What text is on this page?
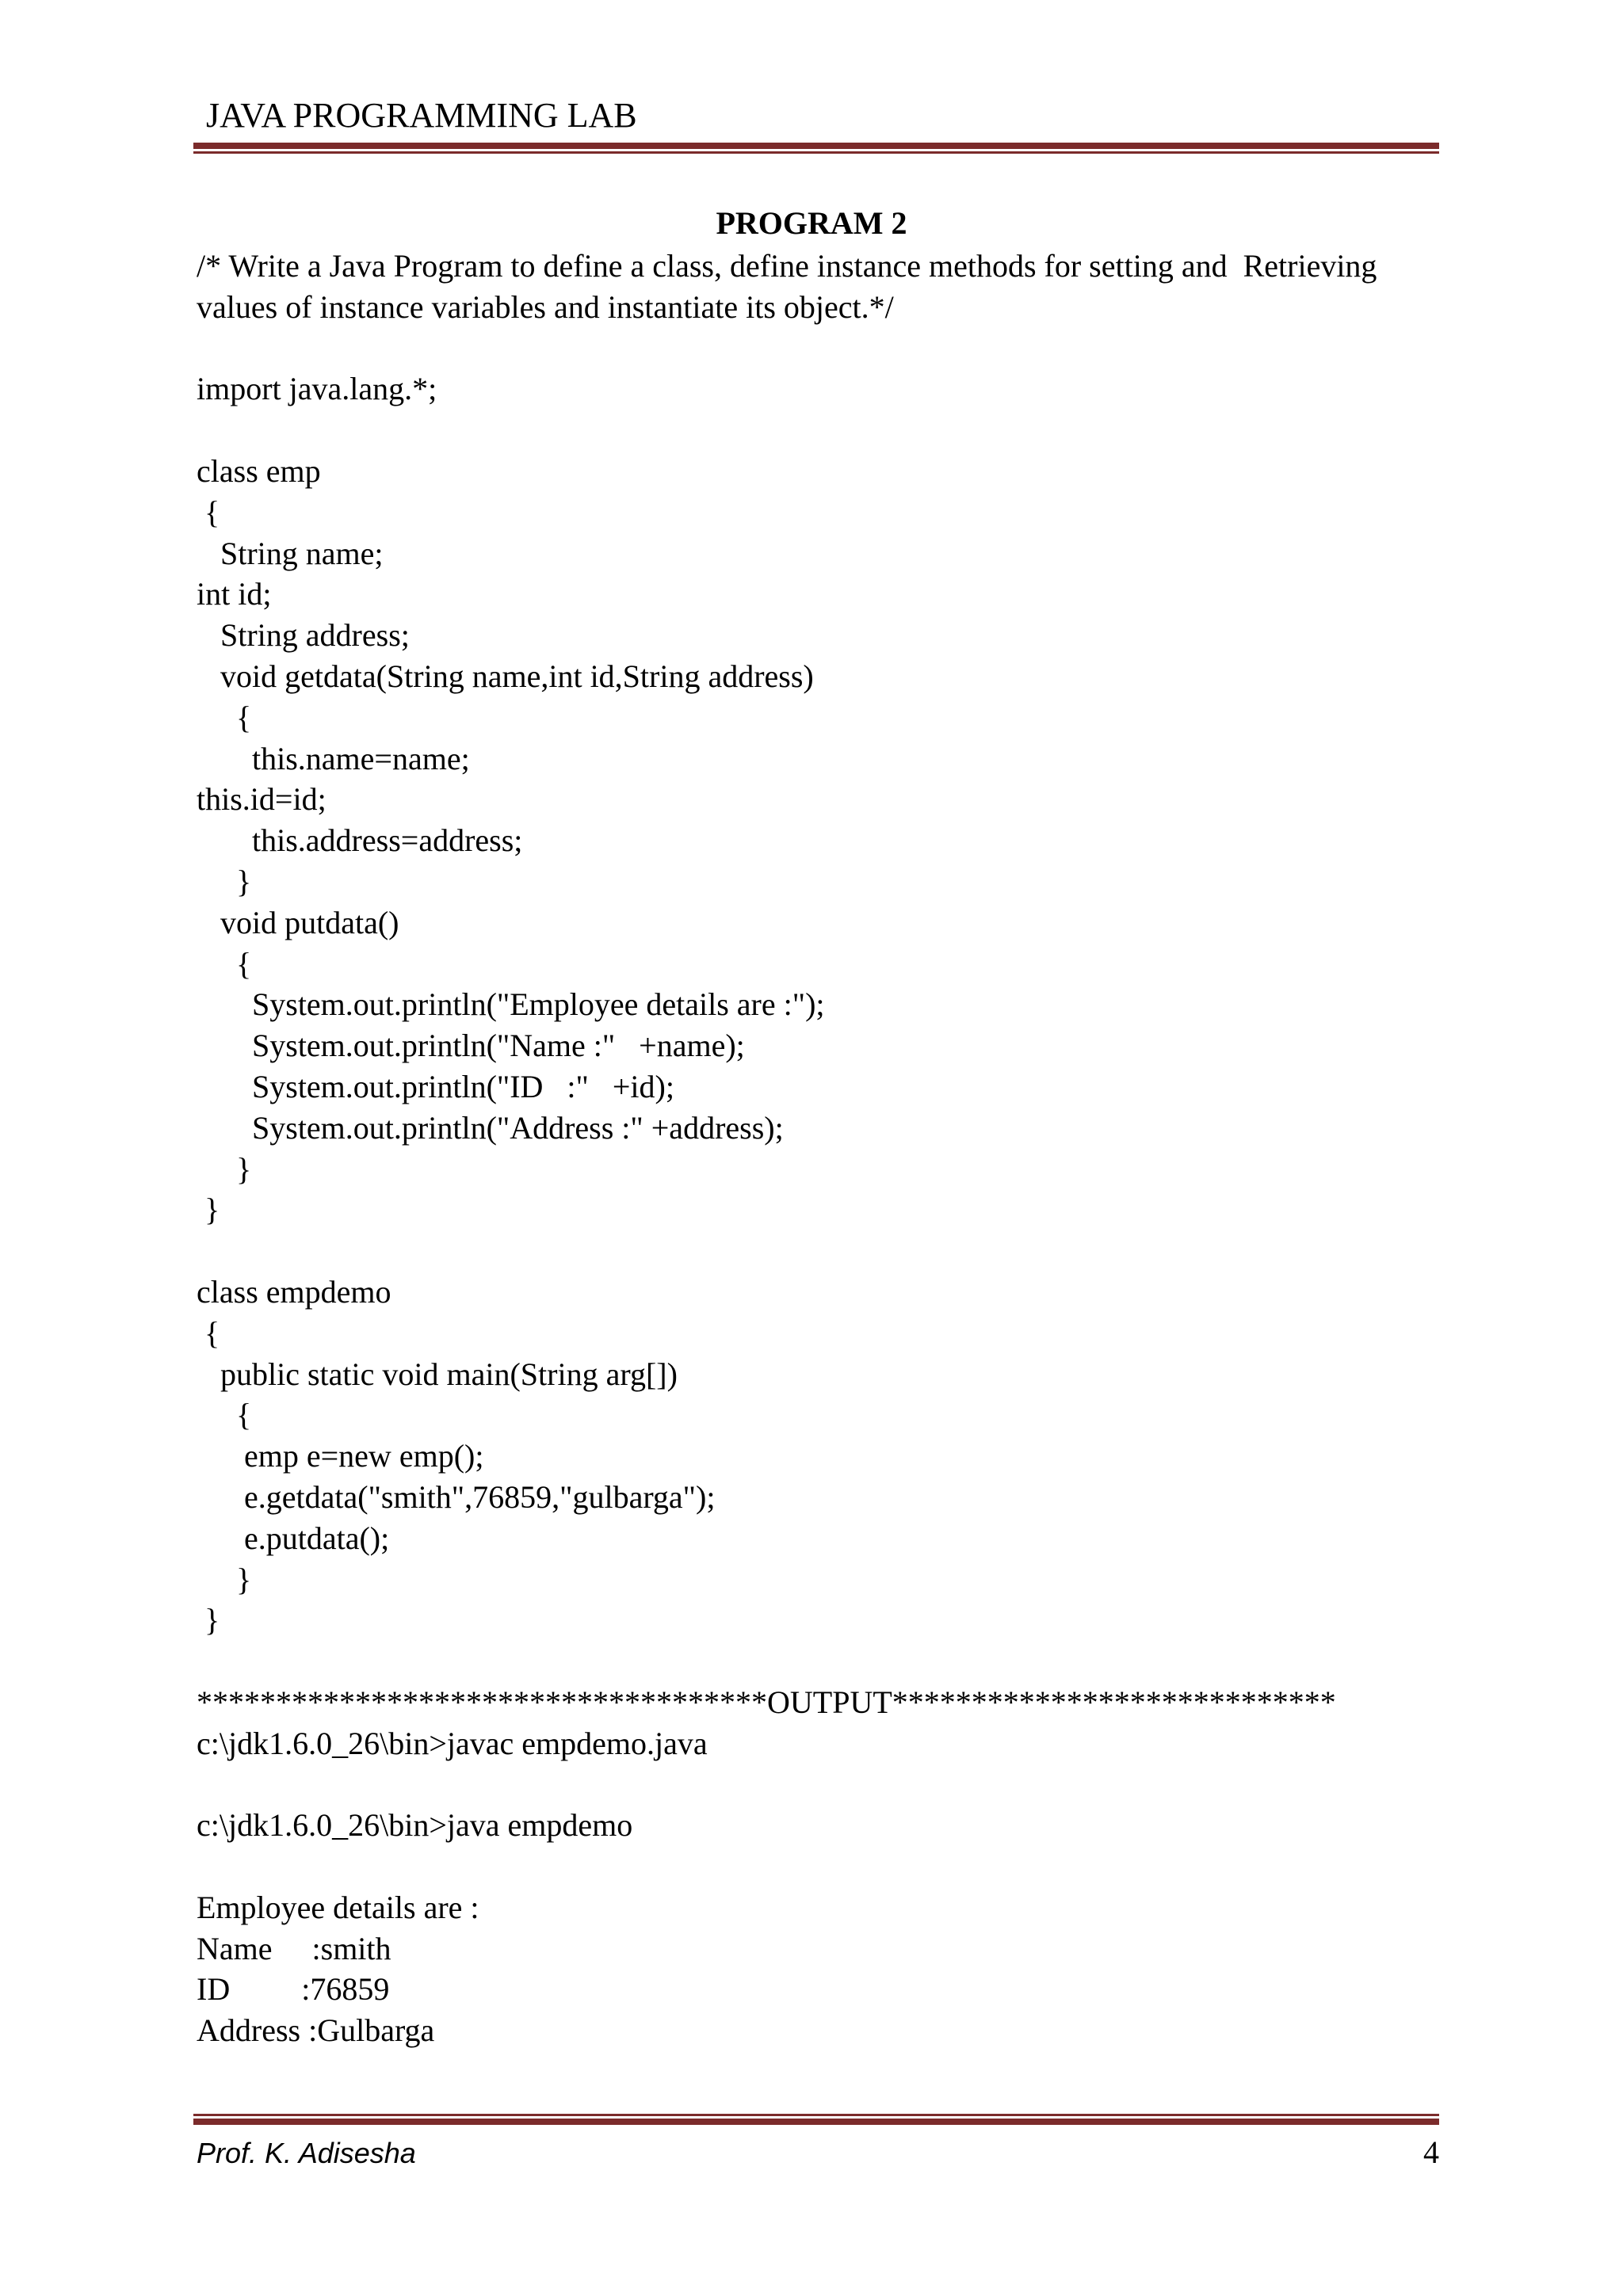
JAVA PROGRAMMING LAB
PROGRAM 2
/* Write a Java Program to define a class, define instance methods for setting and  Retrieving
values of instance variables and instantiate its object.*/
import java.lang.*;
class emp
{
String name;
int id;
String address;
void getdata(String name,int id,String address)
{
this.name=name;
this.id=id;
this.address=address;
}
void putdata()
{
System.out.println("Employee details are :");
System.out.println("Name :"   +name);
System.out.println("ID   :"   +id);
System.out.println("Address :" +address);
}
}
class empdemo
{
public static void main(String arg[])
{
emp e=new emp();
e.getdata("smith",76859,"gulbarga");
e.putdata();
}
}
************************************OUTPUT****************************
c:\jdk1.6.0_26\bin>javac empdemo.java
c:\jdk1.6.0_26\bin>java empdemo
Employee details are :
Name     :smith
ID         :76859
Address :Gulbarga
Prof. K. Adisesha	4
